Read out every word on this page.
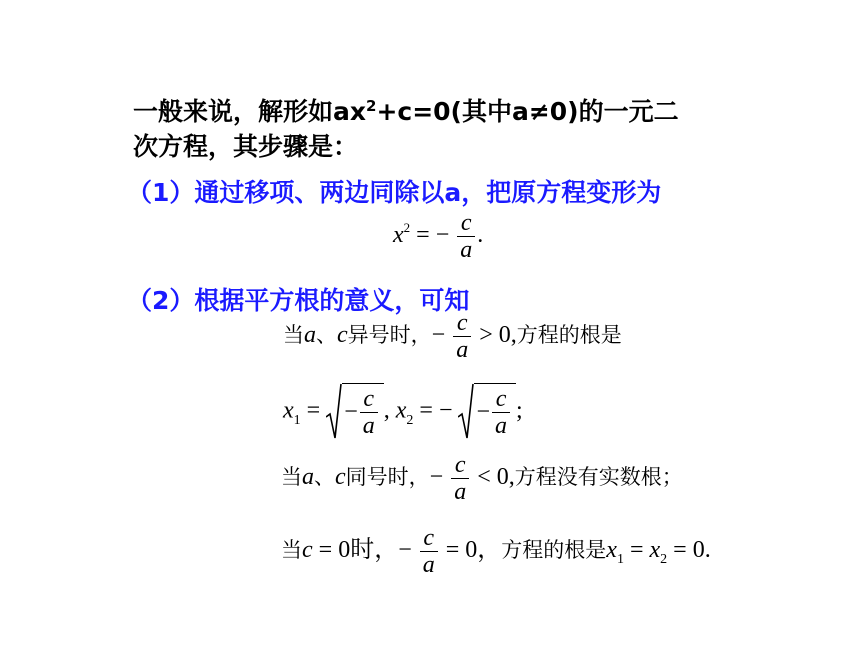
一般来说，解形如$ax^2+c=0$(其中a≠0)的一元二
次方程，其步骤是：
（1）通过移项、两边同除以a，把原方程变形为
$x^2$ = − $\frac{c}{a}$ .
（2）根据平方根的意义，可知
当a、c异号时，− $\frac{c}{a} > 0$,方程的根是
$x_1$ = − $\frac{c}{a}$ , $x_2$ = − − $\frac{c}{a}$ ;
当a、c同号时，− $\frac{c}{a} < 0$,方程没有实数根；
当c = 0时，− $\frac{c}{a} = 0$，方程的根是$x_1 = x_2 = 0$.
